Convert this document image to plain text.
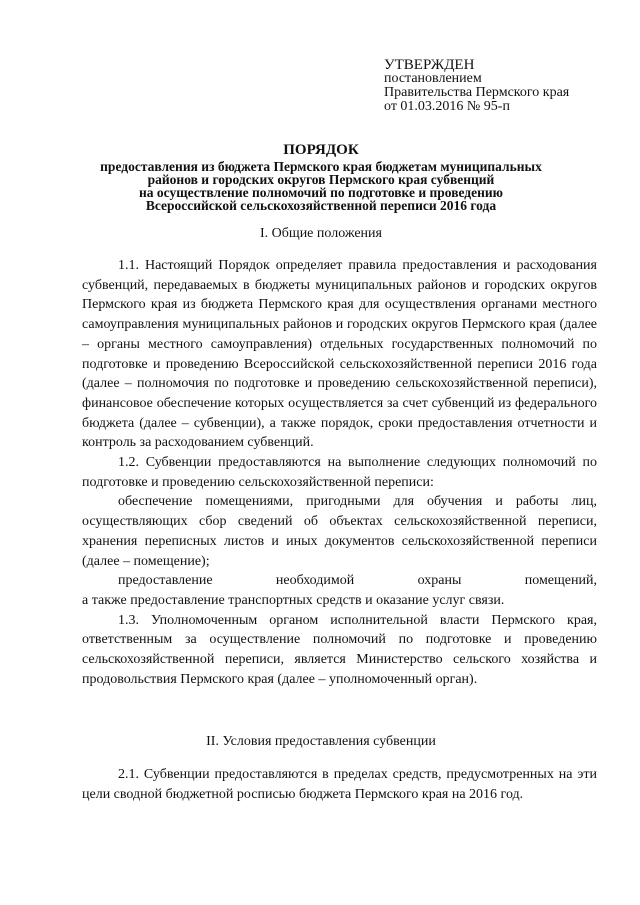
УТВЕРЖДЕН
постановлением
Правительства Пермского края
от 01.03.2016 № 95-п
ПОРЯДОК
предоставления из бюджета Пермского края бюджетам муниципальных
районов и городских округов Пермского края субвенций
на осуществление полномочий по подготовке и проведению
Всероссийской сельскохозяйственной переписи 2016 года
I. Общие положения

1.1. Настоящий Порядок определяет правила предоставления и расходования субвенций, передаваемых в бюджеты муниципальных районов и городских округов Пермского края из бюджета Пермского края для осуществления органами местного самоуправления муниципальных районов и городских округов Пермского края (далее – органы местного самоуправления) отдельных государственных полномочий по подготовке и проведению Всероссийской сельскохозяйственной переписи 2016 года (далее – полномочия по подготовке и проведению сельскохозяйственной переписи), финансовое обеспечение которых осуществляется за счет субвенций из федерального бюджета (далее – субвенции), а также порядок, сроки предоставления отчетности и контроль за расходованием субвенций.

1.2. Субвенции предоставляются на выполнение следующих полномочий по подготовке и проведению сельскохозяйственной переписи:

обеспечение помещениями, пригодными для обучения и работы лиц, осуществляющих сбор сведений об объектах сельскохозяйственной переписи, хранения переписных листов и иных документов сельскохозяйственной переписи (далее – помещение);

предоставление необходимой охраны помещений,

а также предоставление транспортных средств и оказание услуг связи.

1.3. Уполномоченным органом исполнительной власти Пермского края, ответственным за осуществление полномочий по подготовке и проведению сельскохозяйственной переписи, является Министерство сельского хозяйства и продовольствия Пермского края (далее – уполномоченный орган).

II. Условия предоставления субвенции

2.1. Субвенции предоставляются в пределах средств, предусмотренных на эти цели сводной бюджетной росписью бюджета Пермского края на 2016 год.
